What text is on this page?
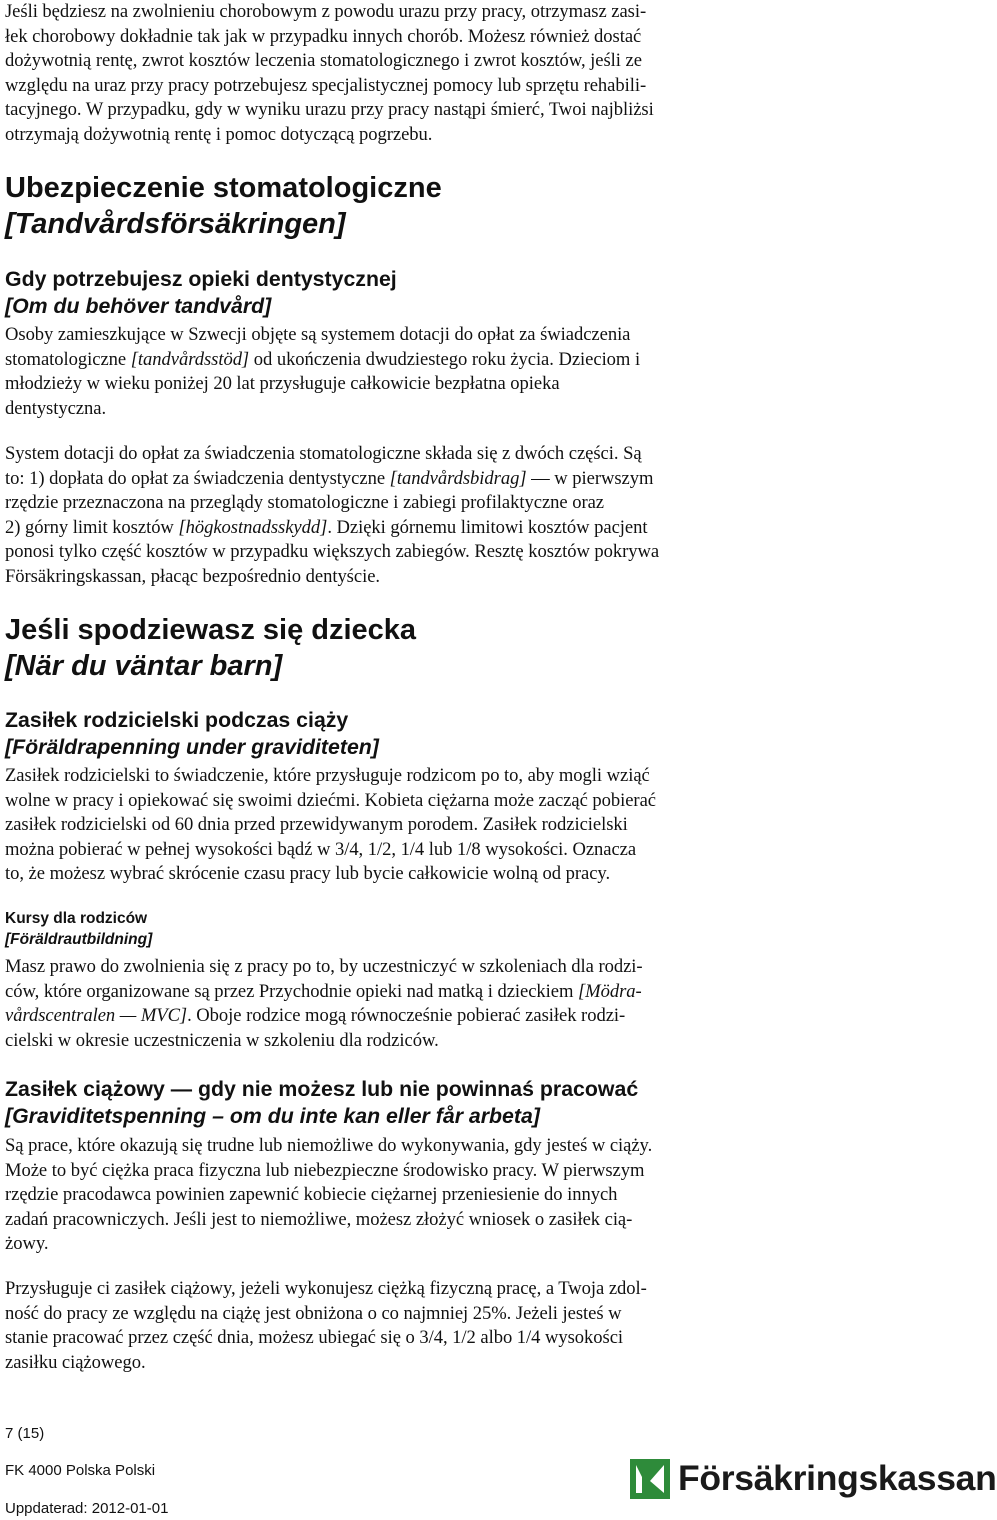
Jeśli będziesz na zwolnieniu chorobowym z powodu urazu przy pracy, otrzymasz zasi-

łek chorobowy dokładnie tak jak w przypadku innych chorób. Możesz również dostać

dożywotnią rentę, zwrot kosztów leczenia stomatologicznego i zwrot kosztów, jeśli ze

względu na uraz przy pracy potrzebujesz specjalistycznej pomocy lub sprzętu rehabili-

tacyjnego. W przypadku, gdy w wyniku urazu przy pracy nastąpi śmierć, Twoi najbliżsi

otrzymają dożywotnią rentę i pomoc dotyczącą pogrzebu.

Ubezpieczenie stomatologiczne

[Tandvårdsförsäkringen]

Gdy potrzebujesz opieki dentystycznej

[Om du behöver tandvård]

Osoby zamieszkujące w Szwecji objęte są systemem dotacji do opłat za świadczenia

stomatologiczne [tandvårdsstöd] od ukończenia dwudziestego roku życia. Dzieciom i

młodzieży w wieku poniżej 20 lat przysługuje całkowicie bezpłatna opieka

dentystyczna.

System dotacji do opłat za świadczenia stomatologiczne składa się z dwóch części. Są

to: 1) dopłata do opłat za świadczenia dentystyczne [tandvårdsbidrag] — w pierwszym

rzędzie przeznaczona na przeglądy stomatologiczne i zabiegi profilaktyczne oraz

2) górny limit kosztów [högkostnadsskydd]. Dzięki górnemu limitowi kosztów pacjent

ponosi tylko część kosztów w przypadku większych zabiegów. Resztę kosztów pokrywa

Försäkringskassan, płacąc bezpośrednio dentyście.

Jeśli spodziewasz się dziecka

[När du väntar barn]

Zasiłek rodzicielski podczas ciąży

[Föräldrapenning under graviditeten]

Zasiłek rodzicielski to świadczenie, które przysługuje rodzicom po to, aby mogli wziąć

wolne w pracy i opiekować się swoimi dziećmi. Kobieta ciężarna może zacząć pobierać

zasiłek rodzicielski od 60 dnia przed przewidywanym porodem. Zasiłek rodzicielski

można pobierać w pełnej wysokości bądź w 3/4, 1/2, 1/4 lub 1/8 wysokości. Oznacza

to, że możesz wybrać skrócenie czasu pracy lub bycie całkowicie wolną od pracy.

Kursy dla rodziców

[Föräldrautbildning]

Masz prawo do zwolnienia się z pracy po to, by uczestniczyć w szkoleniach dla rodzi-

ców, które organizowane są przez Przychodnie opieki nad matką i dzieckiem [Mödra-

vårdscentralen — MVC]. Oboje rodzice mogą równocześnie pobierać zasiłek rodzi-

cielski w okresie uczestniczenia w szkoleniu dla rodziców.

Zasiłek ciążowy — gdy nie możesz lub nie powinnaś pracować

[Graviditetspenning – om du inte kan eller får arbeta]

Są prace, które okazują się trudne lub niemożliwe do wykonywania, gdy jesteś w ciąży.

Może to być ciężka praca fizyczna lub niebezpieczne środowisko pracy. W pierwszym

rzędzie pracodawca powinien zapewnić kobiecie ciężarnej przeniesienie do innych

zadań pracowniczych. Jeśli jest to niemożliwe, możesz złożyć wniosek o zasiłek cią-

żowy.

Przysługuje ci zasiłek ciążowy, jeżeli wykonujesz ciężką fizyczną pracę, a Twoja zdol-

ność do pracy ze względu na ciążę jest obniżona o co najmniej 25%. Jeżeli jesteś w

stanie pracować przez część dnia, możesz ubiegać się o 3/4, 1/2 albo 1/4 wysokości

zasiłku ciążowego.

7 (15)
FK 4000 Polska Polski
Uppdaterad: 2012-01-01
Försäkringskassan
